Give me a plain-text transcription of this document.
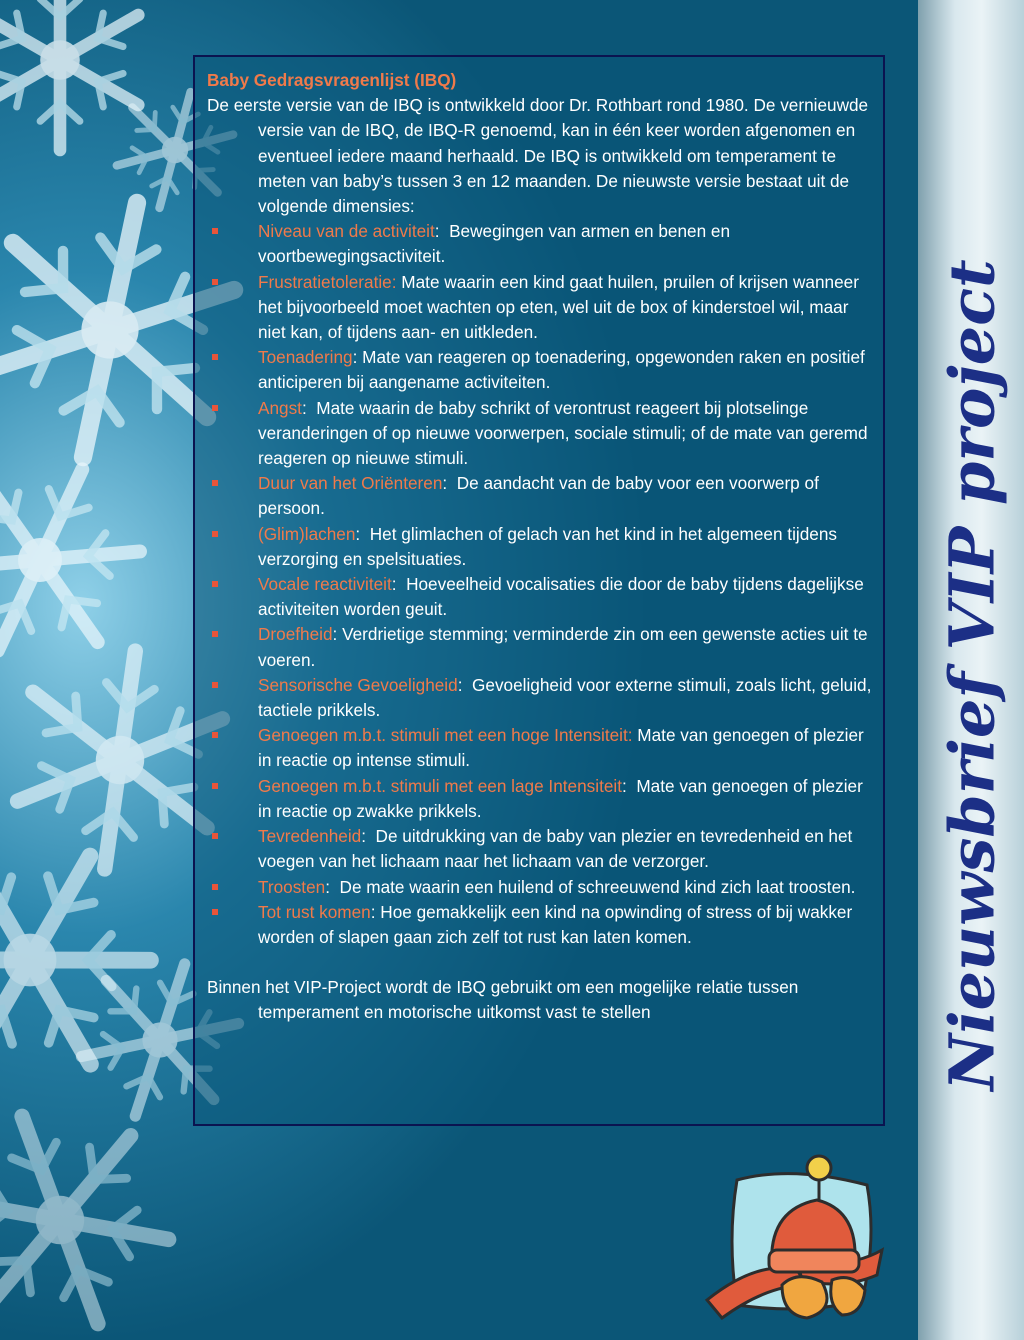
Baby Gedragsvragenlijst (IBQ)

De eerste versie van de IBQ is ontwikkeld door Dr. Rothbart rond 1980. De vernieuwde versie van de IBQ, de IBQ-R genoemd, kan in één keer worden afgenomen en eventueel iedere maand herhaald. De IBQ is ontwikkeld om temperament te meten van baby’s tussen 3 en 12 maanden. De nieuwste versie bestaat uit de volgende dimensies:

Niveau van de activiteit:  Bewegingen van armen en benen en voortbewegingsactiviteit.
Frustratietoleratie: Mate waarin een kind gaat huilen, pruilen of krijsen wanneer het bijvoorbeeld moet wachten op eten, wel uit de box of kinderstoel wil, maar niet kan, of tijdens aan- en uitkleden.
Toenadering: Mate van reageren op toenadering, opgewonden raken en positief anticiperen bij aangename activiteiten.
Angst:  Mate waarin de baby schrikt of verontrust reageert bij plotselinge veranderingen of op nieuwe voorwerpen, sociale stimuli; of de mate van geremd reageren op nieuwe stimuli.
Duur van het Oriënteren:  De aandacht van de baby voor een voorwerp of persoon.
(Glim)lachen:  Het glimlachen of gelach van het kind in het algemeen tijdens verzorging en spelsituaties.
Vocale reactiviteit:  Hoeveelheid vocalisaties die door de baby tijdens dagelijkse activiteiten worden geuit.
Droefheid: Verdrietige stemming; verminderde zin om een gewenste acties uit te voeren.
Sensorische Gevoeligheid:  Gevoeligheid voor externe stimuli, zoals licht, geluid, tactiele prikkels.
Genoegen m.b.t. stimuli met een hoge Intensiteit: Mate van genoegen of plezier in reactie op intense stimuli.
Genoegen m.b.t. stimuli met een lage Intensiteit:  Mate van genoegen of plezier in reactie op zwakke prikkels.
Tevredenheid:  De uitdrukking van de baby van plezier en tevredenheid en het voegen van het lichaam naar het lichaam van de verzorger.
Troosten:  De mate waarin een huilend of schreeuwend kind zich laat troosten.
Tot rust komen: Hoe gemakkelijk een kind na opwinding of stress of bij wakker worden of slapen gaan zich zelf tot rust kan laten komen.

Binnen het VIP-Project wordt de IBQ gebruikt om een mogelijke relatie tussen temperament en motorische uitkomst vast te stellen	Nieuwsbrief VIP project
